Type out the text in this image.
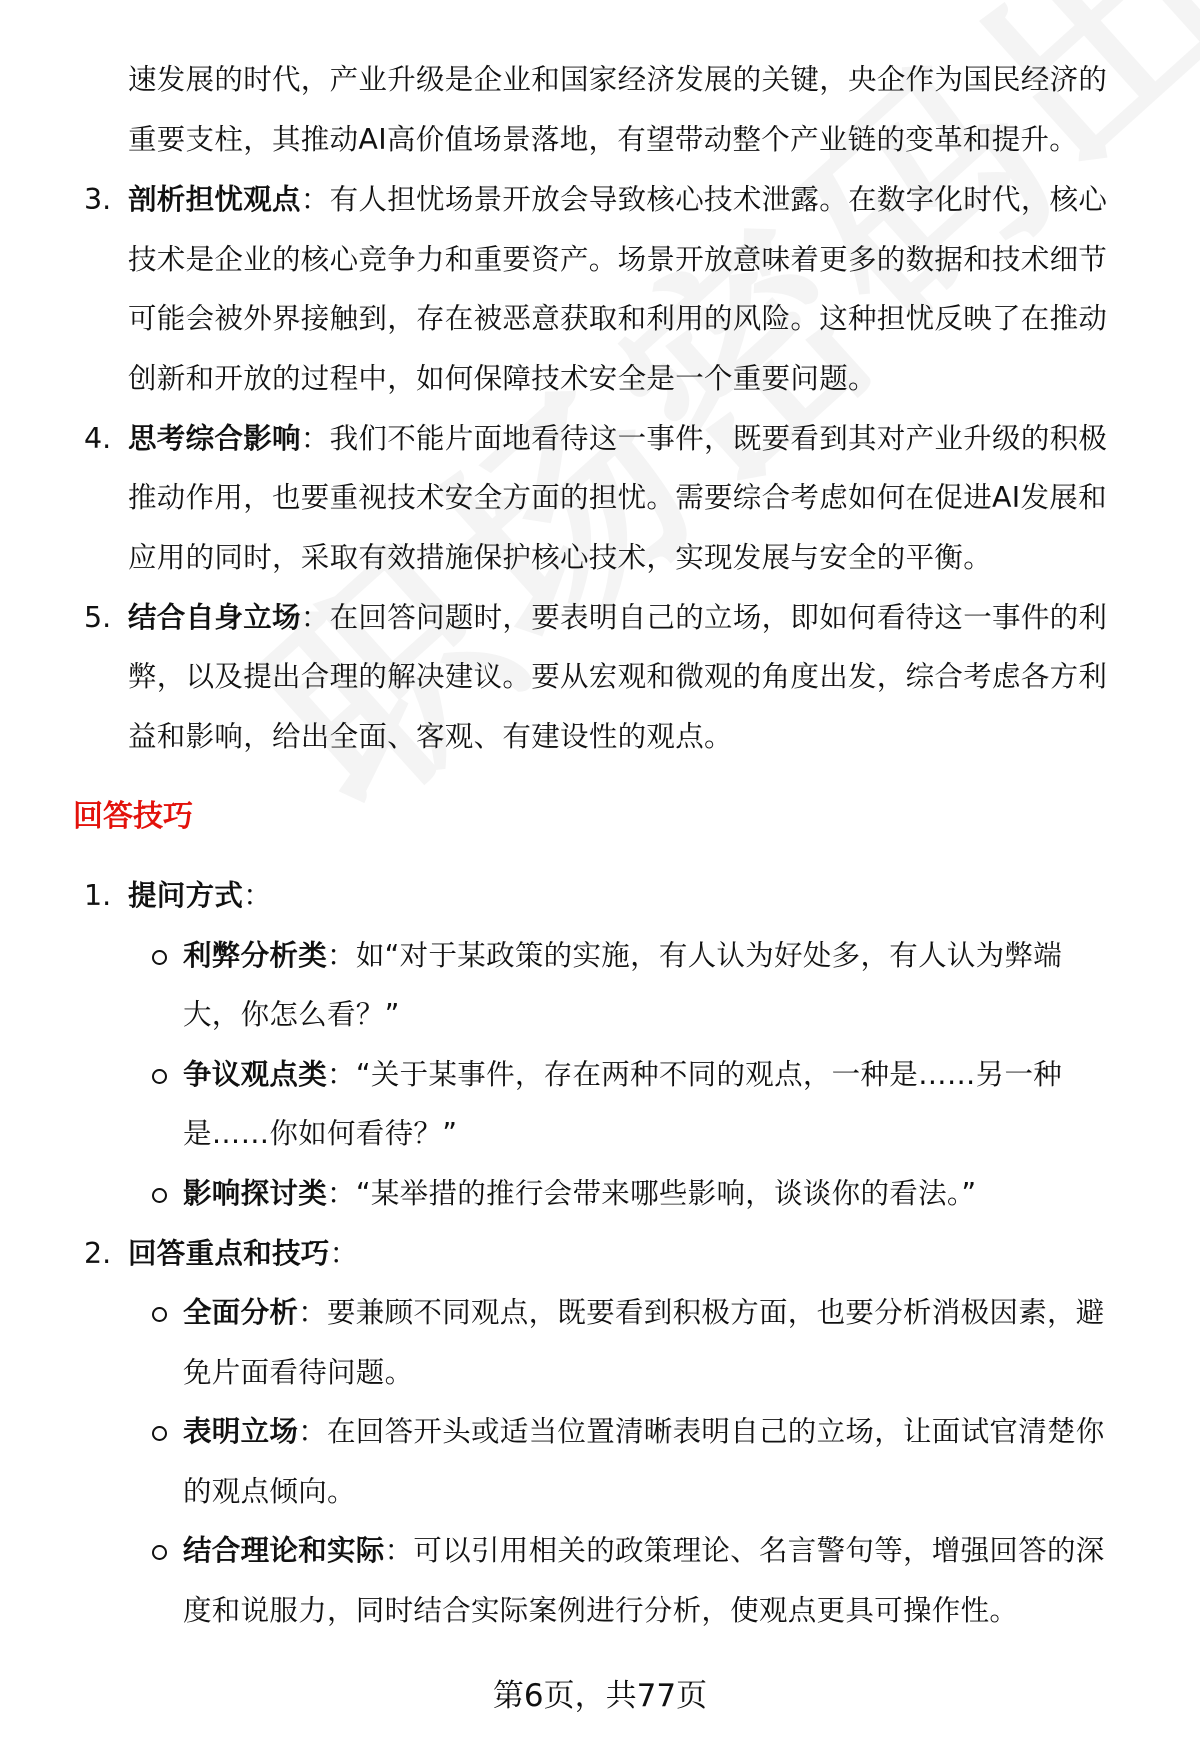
速发展的时代，产业升级是企业和国家经济发展的关键，央企作为国民经济的
重要支柱，其推动AI高价值场景落地，有望带动整个产业链的变革和提升。
3. 剖析担忧观点：有人担忧场景开放会导致核心技术泄露。在数字化时代，核心
技术是企业的核心竞争力和重要资产。场景开放意味着更多的数据和技术细节
可能会被外界接触到，存在被恶意获取和利用的风险。这种担忧反映了在推动
创新和开放的过程中，如何保障技术安全是一个重要问题。
4. 思考综合影响：我们不能片面地看待这一事件，既要看到其对产业升级的积极
推动作用，也要重视技术安全方面的担忧。需要综合考虑如何在促进AI发展和
应用的同时，采取有效措施保护核心技术，实现发展与安全的平衡。
5. 结合自身立场：在回答问题时，要表明自己的立场，即如何看待这一事件的利
弊，以及提出合理的解决建议。要从宏观和微观的角度出发，综合考虑各方利
益和影响，给出全面、客观、有建设性的观点。
回答技巧
1. 提问方式：
利弊分析类：如“对于某政策的实施，有人认为好处多，有人认为弊端
大，你怎么看？”
争议观点类：“关于某事件，存在两种不同的观点，一种是……另一种
是……你如何看待？”
影响探讨类：“某举措的推行会带来哪些影响，谈谈你的看法。”
2. 回答重点和技巧：
全面分析：要兼顾不同观点，既要看到积极方面，也要分析消极因素，避
免片面看待问题。
表明立场：在回答开头或适当位置清晰表明自己的立场，让面试官清楚你
的观点倾向。
结合理论和实际：可以引用相关的政策理论、名言警句等，增强回答的深
度和说服力，同时结合实际案例进行分析，使观点更具可操作性。
第6页，共77页
